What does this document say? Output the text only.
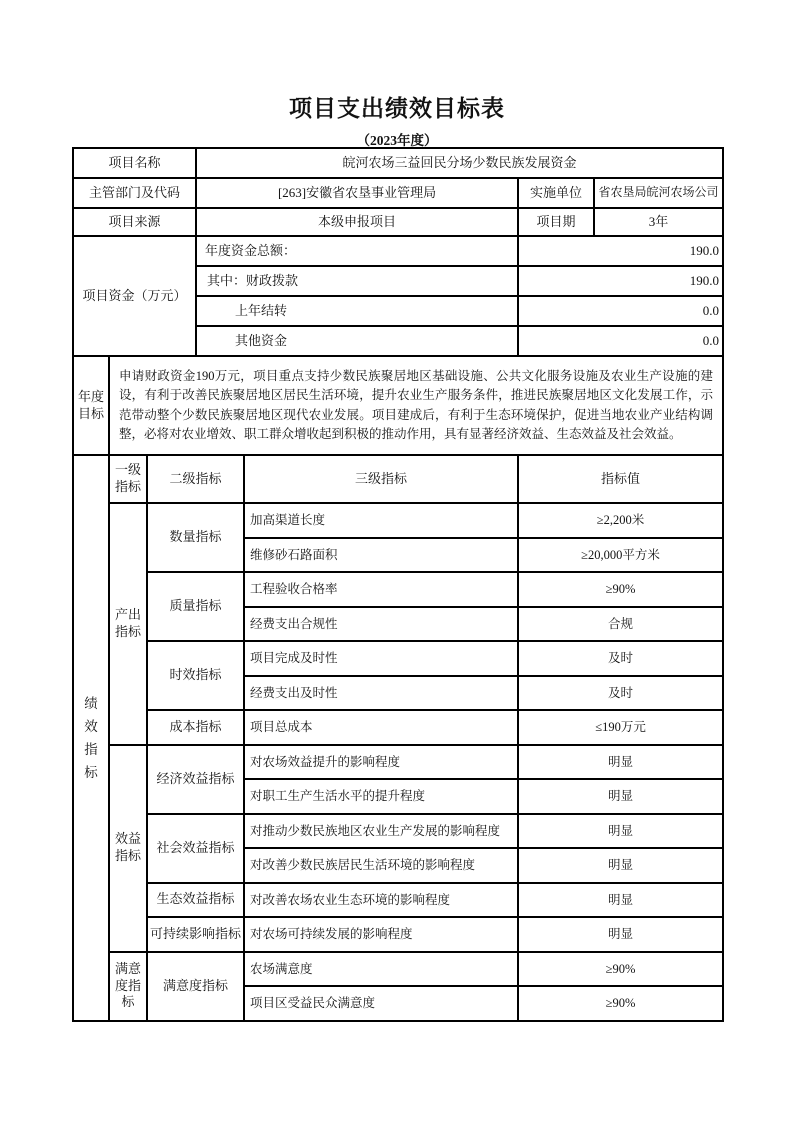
项目支出绩效目标表
（2023年度）
项目名称			皖河农场三益回民分场少数民族发展资金			
主管部门及代码			[263]安徽省农垦事业管理局		实施单位	省农垦局皖河农场公司
项目来源			本级申报项目		项目期	3年
项目资金（万元）			年度资金总额：		190.0	
			其中：财政拨款		190.0	
			上年结转		0.0	
			其他资金		0.0	
年度目标	申请财政资金190万元，项目重点支持少数民族聚居地区基础设施、公共文化服务设施及农业生产设施的建设，有利于改善民族聚居地区居民生活环境，提升农业生产服务条件，推进民族聚居地区文化发展工作，示范带动整个少数民族聚居地区现代农业发展。项目建成后，有利于生态环境保护，促进当地农业产业结构调整，必将对农业增效、职工群众增收起到积极的推动作用，具有显著经济效益、生态效益及社会效益。					

绩效指标	一级指标	二级指标		三级指标	指标值	
	产出指标	数量指标		加高渠道长度	≥2,200米	
				维修砂石路面积	≥20,000平方米	
		质量指标		工程验收合格率	≥90%	
				经费支出合规性	合规	
		时效指标		项目完成及时性	及时	
				经费支出及时性	及时	
		成本指标		项目总成本	≤190万元	
	效益指标	经济效益指标		对农场效益提升的影响程度	明显	
				对职工生产生活水平的提升程度	明显	
		社会效益指标		对推动少数民族地区农业生产发展的影响程度	明显	
				对改善少数民族居民生活环境的影响程度	明显	
		生态效益指标		对改善农场农业生态环境的影响程度	明显	
		可持续影响指标		对农场可持续发展的影响程度	明显	
	满意度指标	满意度指标		农场满意度	≥90%	
				项目区受益民众满意度	≥90%	
